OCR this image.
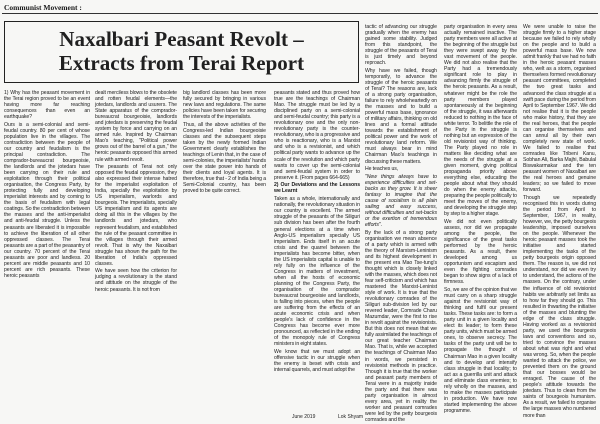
Communist Movement :
Naxalbari Peasant Revolt –
Extracts from Terai Report

1) Why has the peasant movement in the Terai region proved to be an event having more far reaching consequences than even an earthquake?

Ours is a semi-colonial and semi-feudal country. 80 per cent of whose population live in the villages. The contradiction between the people of our country and feudalism is the principal contradiction. The comprador-bureaucrat bourgeoisie, the landlords and the jotedars have been carrying on their rule and exploitation through their political organisation, the Congress Party, by protecting fully and developing imperialist interests and by coming to the basis of feudalism with legal coatings. So the contradiction between the masses and the anti-imperialist and anti-feudal struggle. Unless the peasants are liberated it is impossible to achieve the liberation of all other oppressed classes. The Terai peasants are a part of the peasantry of our country. 70 percent of the Terai peasants are poor and landless. 20 percent are middle peasants and 10 percent are rich peasants. These heroic peasants

dealt merciless blows to the obsolete and rotten feudal elements—the jotedars, landlords and usurers. The State apparatus of the comprador-bureaucrat bourgeoisie, landlords and jotedars is preserving the feudal system by force and carrying on an armed rule. Inspired by Chairman Mao's teaching, "Political power grows out of the barrel of a gun," the heroic peasants opposed this armed rule with armed revolt.

The peasants of Terai not only opposed the feudal oppression, they also expressed their intense hatred for the imperialist exploitation of India, specially the exploitation by US imperialism, warlords and bourgeois. The imperialists, specially US imperialism and its agents are doing all this in the villages by the landlords and jotedars, who represent feudalism, and established the rule of the peasant committee in the villages through their armed revolt. That is why the Naxalbari struggle has shown the path for the liberation of India's oppressed classes.

We have seen how the criterion for judging a revolutionary is the stand and attitude on the struggle of the heroic peasants. It is not from

big landlord classes has been more fully secured by bringing in various new laws and regulations. The same policies have been taken for securing the interests of the imperialists.

Thus, all the above activities of the Congress-led Indian bourgeoisie classes and the subsequent steps taken by the newly formed Indian Government clearly establishes the teachings of Lenin that, in the case of semi-colonies, the imperialists' hands over the state power into hands of their clients and loyal agents. It is therefore, true that - 2 of India being a Semi-Colonial country, has been proved to be quite correct.

peasants stated and thus proved how true are the teachings of Chairman Mao. The struggle must be led by a disciplined party on a semi-colonial and semi-feudal country; this party is a revolutionary one and the only non-revolutionary party is the counter-revolutionary, who is a progressive and who is reactionary, who is a Marxist and who is a revisionist, and which political party wants to advance up the scale of the revolution and which party wants to cover up the semi-colonial and semi-feudal system in order to preserve it. (From pages 664-665)

2) Our Deviations and the Lessons we Learnt

Taken as a whole, internationally and nationally, the revolutionary situation in our country is excellent. The armed struggle of the peasants of the Siliguri sub division has been after the fourth general elections at a time when Anglo-US imperialism specially US imperialism. Ends itself in an acute crisis and the quarrel between the imperialists has become bitter, when the US imperialists capital is unable to rely fully on the influence of the Congress in matters of investment, when all the hosts of economic planning of the Congress Party, the organisation of the comprador bureaucrat bourgeoisie and landlords, is falling into pieces, when the people are suffering from the effects of an acute economic crisis and when people's lack of confidence in the Congress has become ever more pronounced, as reflected in the ending of the monopoly rule of Congress ministers in eight states.

We know that we must adopt an offensive tactic in our struggle when the enemy is beset with crisis and internal quarrels, and must adopt the

tactic of advancing our struggle gradually when the enemy has gained some stability. Judged from this standpoint, the struggle of the peasants of Terai is just timely and beyond reproach.

Why have we failed, though temporarily, to advance the struggle of the heroic peasants of Terai? The reasons are, lack of a strong party organisation, failure to rely wholeheartedly on the masses and to build a powerful mass base, ignorance of military affairs, thinking on old lines and a formal attitude towards the establishment of political power and the work of revolutionary land reform. We must always bear in mind Chairman Mao's teachings in discussing these matters.

He teaches us,

"New things always have to experience difficulties and set-backs as they grow. It is sheer fantasy to imagine that the cause of socialism is all plain sailing and easy success, without difficulties and set-backs or the exertion of tremendous efforts".

By the lack of a strong party organisation we mean absence of a party which is armed with the theory of Marxism-Leninism and its highest development in the present era Mao Tse-tung's thought which is closely linked with the masses, which does not fear self-criticism and which has mastered the Marxist-Leninist style of work. It is true that the revolutionary comrades of the Siliguri sub-division led by our revered leader, Comrade Charu Mazumdar, were the first to rise in revolt against the revisionists. But this does not mean that we fully assimilated the teachings of our great teacher Chairman Mao. That is, while we accepted the teachings of Chairman Mao in words, we persisted in revisionist methods in practice. Though it is true that the worker and peasant party members of Terai were in a majority inside the party and that there was party organisation in almost every area, yet in reality the worker and peasant comrades were led by the petty bourgeois comrades and the

party organisation in every area actually remained inactive. The party members were all active at the beginning of the struggle but they were swept away by the vast movement of the people. We did not also realise that the Party had a tremendously significant role to play in advancing firmly the struggle of the heroic peasants. As a result, whatever might be the role the party members played spontaneously at the beginning of the struggle, it was afterwards reduced to nothing in the face of white terror. To belittle the role of the Party in the struggle is nothing but an expression of the old revisionist way of thinking. The Party played no role in matters like deciding what are the needs of the struggle at a given moment, giving political propaganda priority above everything else, educating the people about what they should do when the enemy attacks, preparing the people politically to meet the moves of the enemy, and developing the struggle step by step to a higher stage.

We did not even politically assess, nor did we propagate among the people, the significance of the great tasks performed by the heroic peasants. As a result, there developed among us opportunism and escapism and even the fighting comrades began to show signs of a lack of firmness.

So, we are of the opinion that we must carry on a sharp struggle against the revisionist way of thinking and fulfil our present tasks. These tasks are: to form a party unit in a given locality and elect its leader; to form these party units, which must be armed ones, to observe secrecy. The tasks of the party unit will be to propagate the thought of Chairman Mao in a given locality and to develop and intensify class struggle in that locality; to act as a guerrilla unit and attack and eliminate class enemies; to rely wholly on the masses, and to make the masses participate in production. We have now started implementing the above programme.

We were unable to raise the struggle firmly to a higher stage because we failed to rely wholly on the people and to build a powerful mass base. We now admit frankly that we had no faith in the heroic peasant masses who, welt as a storm, organised themselves formed revolutionary peasant committees, completed the two great tasks and advanced the class struggle at a swift pace during the period from April to September 1967. We did not realise that it is the people who make history, that they are the real heroes, that the people can organise themselves and can annul all by their own completely new state of work. We failed to realise that comrades like Tribeni Kanu, Sobhan Ali, Barka Majhi, Babulal Biswakarmakar and the ten peasant women of Naxalbari are the real heroes and genuine leaders; so we failed to move forward.

Though we repeatedly recognised this in words during the period from April to September, 1967, in reality, however, we, the petty bourgeois leadership, imposed ourselves on the people. Whenever the heroic peasant masses took the initiative and started implementing the tasks of the petty bourgeois origin opposed them. The reason is, we did not understand, nor did we even try to understand, the actions of the masses. On the contrary, under the influence of old revisionist habits we arbitrarily set limits as to how far they should go. This resulted in thwarting the initiative of the masses and blunting the edge of the class struggle. Having worked as a revisionist party, we used the bourgeois laws and conventions and so, tried to convince the masses about what was right and what was wrong. So, when the people wanted to attack the police, we prevented them on the ground that our bosses would be enraged. The cause of the people's attitude towards the jotedars. Thus to clean from the saints of bourgeois humanism. As a result, we failed to organise the large masses who numbered more than

June 2019	Lok Shyam
